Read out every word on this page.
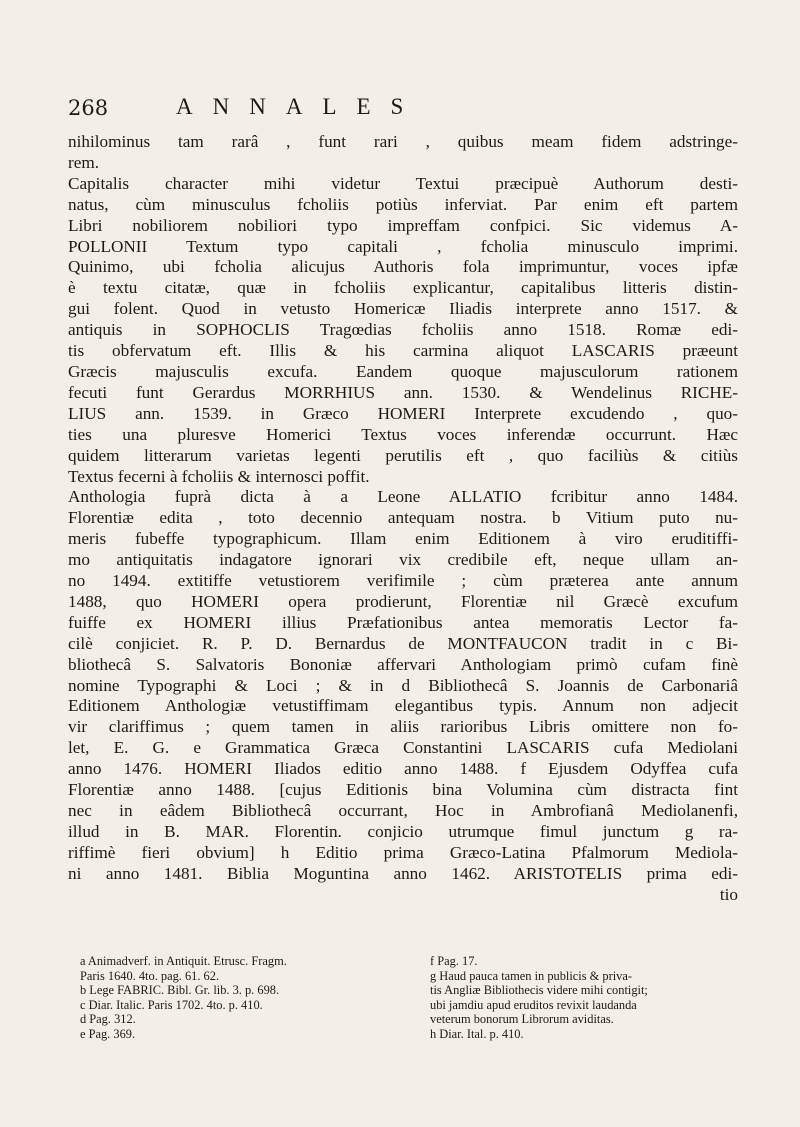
268	ANNALES

nihilominus tam rarâ , funt rari , quibus meam fidem adstringe-

rem.

Capitalis character mihi videtur Textui præcipuè Authorum desti-

natus, cùm minusculus fcholiis potiùs inferviat. Par enim eft partem

Libri nobiliorem nobiliori typo impreffam confpici. Sic videmus A-

POLLONII Textum typo capitali , fcholia minusculo imprimi.

Quinimo, ubi fcholia alicujus Authoris fola imprimuntur, voces ipfæ

è textu citatæ, quæ in fcholiis explicantur, capitalibus litteris distin-

gui folent. Quod in vetusto Homericæ Iliadis interprete anno 1517. &

antiquis in SOPHOCLIS Tragœdias fcholiis anno 1518. Romæ edi-

tis obfervatum eft. Illis & his carmina aliquot LASCARIS præeunt

Græcis majusculis excufa. Eandem quoque majusculorum rationem

fecuti funt Gerardus MORRHIUS ann. 1530. & Wendelinus RICHE-

LIUS ann. 1539. in Græco HOMERI Interprete excudendo , quo-

ties una pluresve Homerici Textus voces inferendæ occurrunt. Hæc

quidem litterarum varietas legenti perutilis eft , quo faciliùs & citiùs

Textus fecerni à fcholiis & internosci poffit.

Anthologia fuprà dicta à a Leone ALLATIO fcribitur anno 1484.

Florentiæ edita , toto decennio antequam nostra. b Vitium puto nu-

meris fubeffe typographicum. Illam enim Editionem à viro eruditiffi-

mo antiquitatis indagatore ignorari vix credibile eft, neque ullam an-

no 1494. extitiffe vetustiorem verifimile ; cùm præterea ante annum

1488, quo HOMERI opera prodierunt, Florentiæ nil Græcè excufum

fuiffe ex HOMERI illius Præfationibus antea memoratis Lector fa-

cilè conjiciet. R. P. D. Bernardus de MONTFAUCON tradit in c Bi-

bliothecâ S. Salvatoris Bononiæ affervari Anthologiam primò cufam finè

nomine Typographi & Loci ; & in d Bibliothecâ S. Joannis de Carbonariâ

Editionem Anthologiæ vetustiffimam elegantibus typis. Annum non adjecit

vir clariffimus ; quem tamen in aliis rarioribus Libris omittere non fo-

let, E. G. e Grammatica Græca Constantini LASCARIS cufa Mediolani

anno 1476. HOMERI Iliados editio anno 1488. f Ejusdem Odyffea cufa

Florentiæ anno 1488. [cujus Editionis bina Volumina cùm distracta fint

nec in eâdem Bibliothecâ occurrant, Hoc in Ambrofianâ Mediolanenfi,

illud in B. MAR. Florentin. conjicio utrumque fimul junctum g ra-

riffimè fieri obvium] h Editio prima Græco-Latina Pfalmorum Mediola-

ni anno 1481. Biblia Moguntina anno 1462. ARISTOTELIS prima edi-

tio

a Animadverf. in Antiquit. Etrusc. Fragm.
Paris 1640. 4to. pag. 61. 62.
b Lege FABRIC. Bibl. Gr. lib. 3. p. 698.
c Diar. Italic. Paris 1702. 4to. p. 410.
d Pag. 312.
e Pag. 369.
f Pag. 17.
g Haud pauca tamen in publicis & priva-
tis Angliæ Bibliothecis videre mihi contigit;
ubi jamdiu apud eruditos revixit laudanda
veterum bonorum Librorum aviditas.
h Diar. Ital. p. 410.
